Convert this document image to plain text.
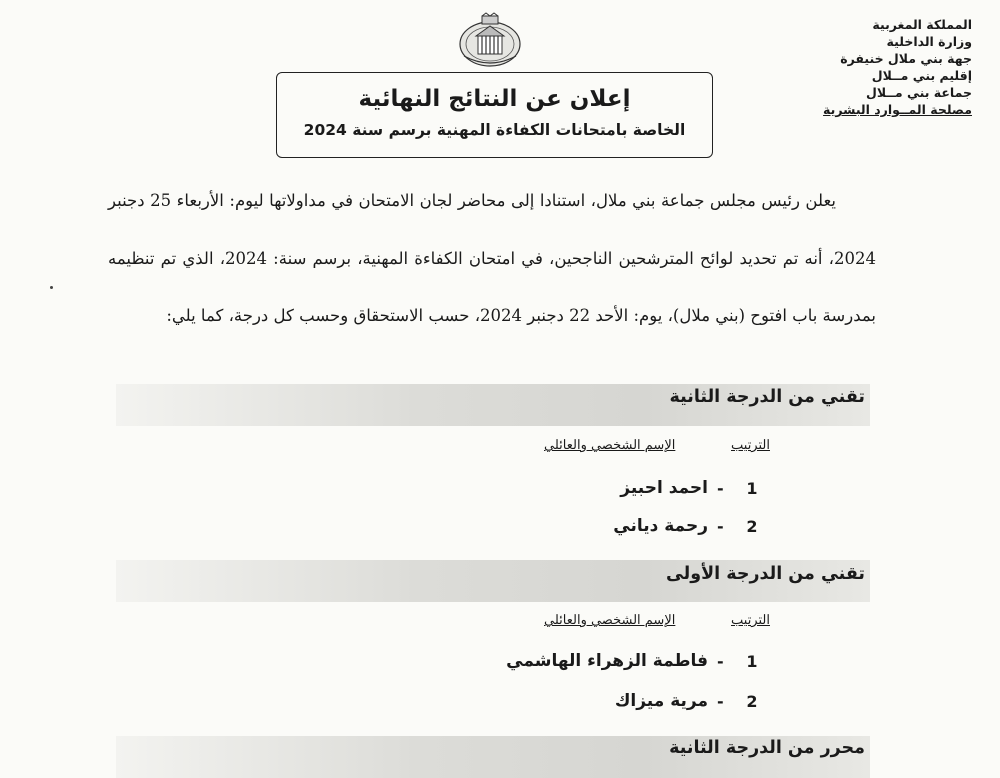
المملكة المغربية
وزارة الداخلية
جهة بني ملال خنيفرة
إقليم بني مــلال
جماعة بني مــلال
مصلحة المــوارد البشرية
إعلان عن النتائج النهائية
الخاصة بامتحانات الكفاءة المهنية برسم سنة 2024

يعلن رئيس مجلس جماعة بني ملال، استنادا إلى محاضر لجان الامتحان في مداولاتها ليوم: الأربعاء 25 دجنبر 2024، أنه تم تحديد لوائح المترشحين الناجحين، في امتحان الكفاءة المهنية، برسم سنة: 2024، الذي تم تنظيمه بمدرسة باب افتوح (بني ملال)، يوم: الأحد 22 دجنبر 2024، حسب الاستحقاق وحسب كل درجة، كما يلي:

تقني من الدرجة الثانية
الترتيب
الإسم الشخصي والعائلي
1
-
احمد احبيز
2
-
رحمة دياني
تقني من الدرجة الأولى
الترتيب
الإسم الشخصي والعائلي
1
-
فاطمة الزهراء الهاشمي
2
-
مرية ميزاك
محرر من الدرجة الثانية
